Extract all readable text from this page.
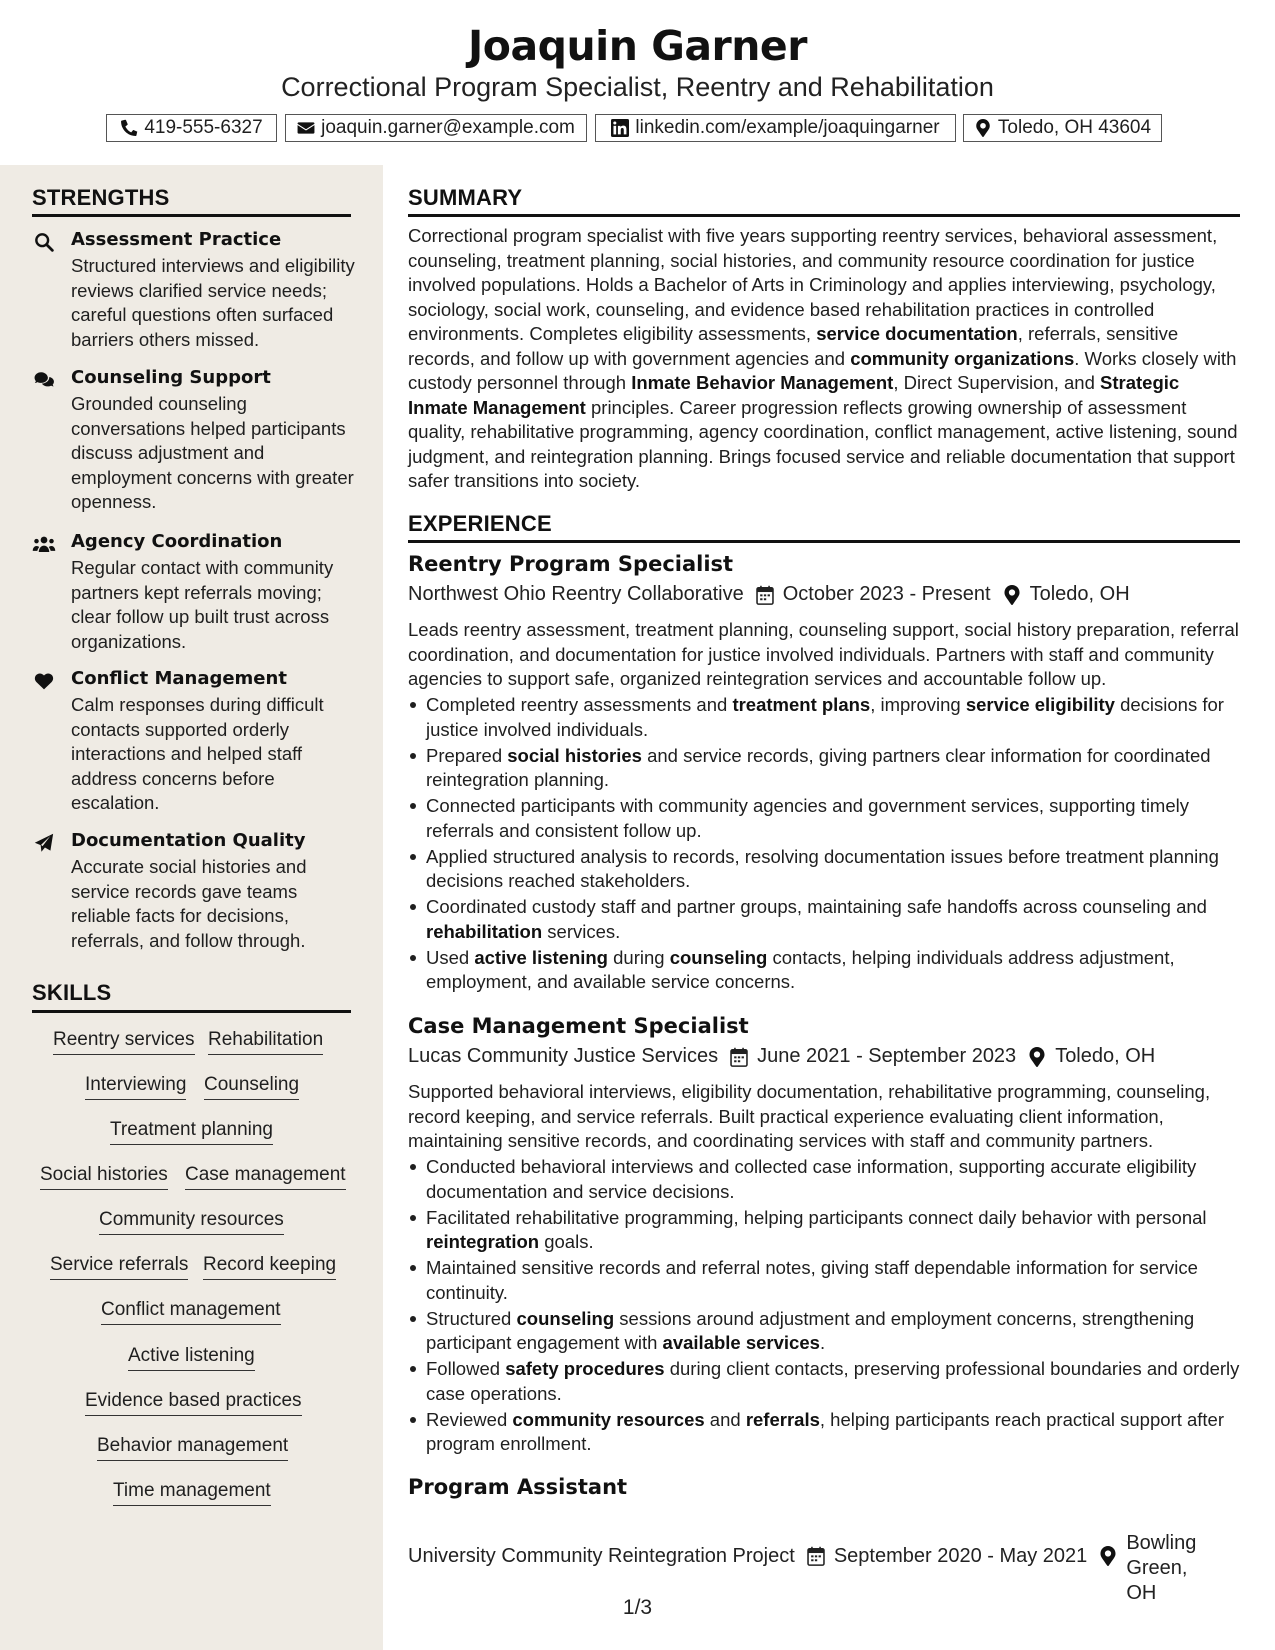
Joaquin Garner
Correctional Program Specialist, Reentry and Rehabilitation
419-555-6327	joaquin.garner@example.com	linkedin.com/example/joaquingarner	Toledo, OH 43604
STRENGTHS
Assessment Practice
Structured interviews and eligibility reviews clarified service needs; careful questions often surfaced barriers others missed.
Counseling Support
Grounded counseling conversations helped participants discuss adjustment and employment concerns with greater openness.
Agency Coordination
Regular contact with community partners kept referrals moving; clear follow up built trust across organizations.
Conflict Management
Calm responses during difficult contacts supported orderly interactions and helped staff address concerns before escalation.
Documentation Quality
Accurate social histories and service records gave teams reliable facts for decisions, referrals, and follow through.
SKILLS
Reentry services Rehabilitation
Interviewing Counseling
Treatment planning
Social histories Case management
Community resources
Service referrals Record keeping
Conflict management
Active listening
Evidence based practices
Behavior management
Time management
SUMMARY
Correctional program specialist with five years supporting reentry services, behavioral assessment, counseling, treatment planning, social histories, and community resource coordination for justice involved populations. Holds a Bachelor of Arts in Criminology and applies interviewing, psychology, sociology, social work, counseling, and evidence based rehabilitation practices in controlled environments. Completes eligibility assessments, service documentation, referrals, sensitive records, and follow up with government agencies and community organizations. Works closely with custody personnel through Inmate Behavior Management, Direct Supervision, and Strategic Inmate Management principles. Career progression reflects growing ownership of assessment quality, rehabilitative programming, agency coordination, conflict management, active listening, sound judgment, and reintegration planning. Brings focused service and reliable documentation that support safer transitions into society.
EXPERIENCE
Reentry Program Specialist
Northwest Ohio Reentry Collaborative October 2023 - Present Toledo, OH
Leads reentry assessment, treatment planning, counseling support, social history preparation, referral coordination, and documentation for justice involved individuals. Partners with staff and community agencies to support safe, organized reintegration services and accountable follow up.
Completed reentry assessments and treatment plans, improving service eligibility decisions for justice involved individuals.
Prepared social histories and service records, giving partners clear information for coordinated reintegration planning.
Connected participants with community agencies and government services, supporting timely referrals and consistent follow up.
Applied structured analysis to records, resolving documentation issues before treatment planning decisions reached stakeholders.
Coordinated custody staff and partner groups, maintaining safe handoffs across counseling and rehabilitation services.
Used active listening during counseling contacts, helping individuals address adjustment, employment, and available service concerns.
Case Management Specialist
Lucas Community Justice Services June 2021 - September 2023 Toledo, OH
Supported behavioral interviews, eligibility documentation, rehabilitative programming, counseling, record keeping, and service referrals. Built practical experience evaluating client information, maintaining sensitive records, and coordinating services with staff and community partners.
Conducted behavioral interviews and collected case information, supporting accurate eligibility documentation and service decisions.
Facilitated rehabilitative programming, helping participants connect daily behavior with personal reintegration goals.
Maintained sensitive records and referral notes, giving staff dependable information for service continuity.
Structured counseling sessions around adjustment and employment concerns, strengthening participant engagement with available services.
Followed safety procedures during client contacts, preserving professional boundaries and orderly case operations.
Reviewed community resources and referrals, helping participants reach practical support after program enrollment.
Program Assistant
University Community Reintegration Project September 2020 - May 2021
Bowling Green, OH
1/3
